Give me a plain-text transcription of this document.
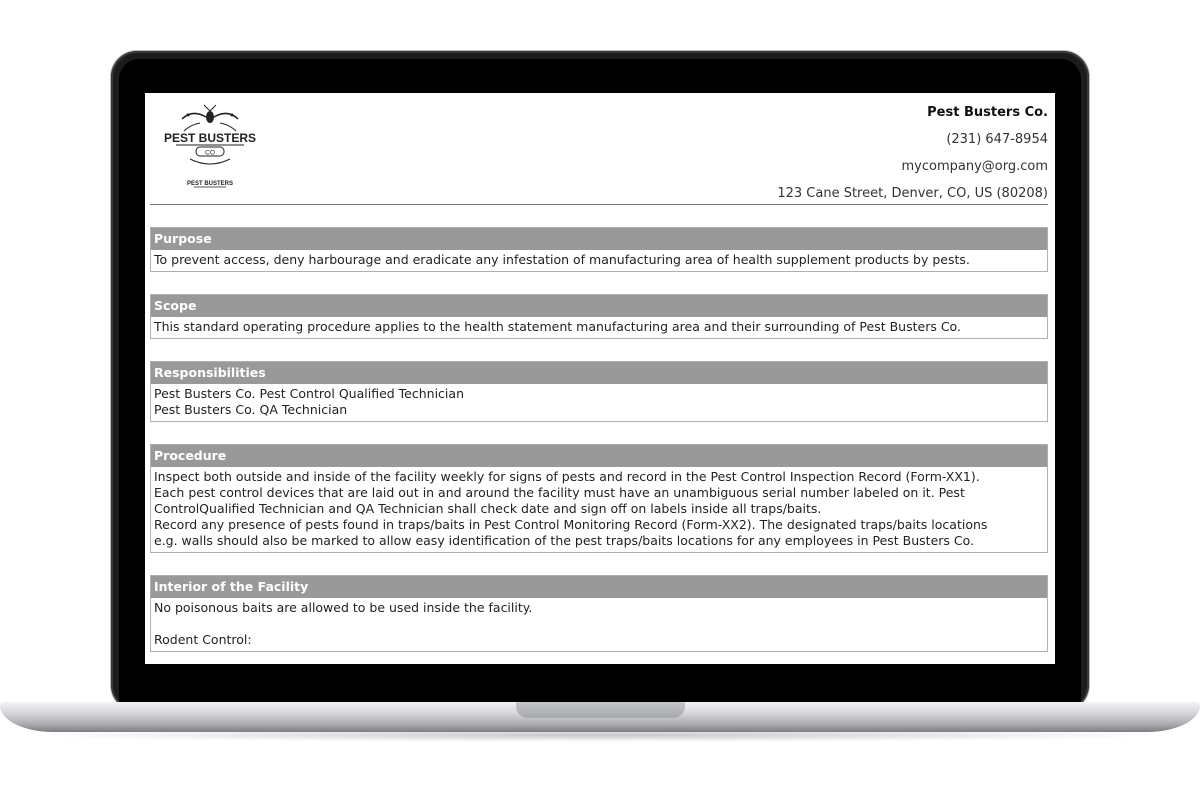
PEST BUSTERS
CO
PEST BUSTERS
Pest Busters Co.
(231) 647-8954
mycompany@org.com
123 Cane Street, Denver, CO, US (80208)
Purpose
To prevent access, deny harbourage and eradicate any infestation of manufacturing area of health supplement products by pests.
Scope
This standard operating procedure applies to the health statement manufacturing area and their surrounding of Pest Busters Co.
Responsibilities
Pest Busters Co. Pest Control Qualified Technician
Pest Busters Co. QA Technician
Procedure
Inspect both outside and inside of the facility weekly for signs of pests and record in the Pest Control Inspection Record (Form-XX1).
Each pest control devices that are laid out in and around the facility must have an unambiguous serial number labeled on it. Pest
ControlQualified Technician and QA Technician shall check date and sign off on labels inside all traps/baits.
Record any presence of pests found in traps/baits in Pest Control Monitoring Record (Form-XX2). The designated traps/baits locations
e.g. walls should also be marked to allow easy identification of the pest traps/baits locations for any employees in Pest Busters Co.
Interior of the Facility
No poisonous baits are allowed to be used inside the facility.
Rodent Control:
